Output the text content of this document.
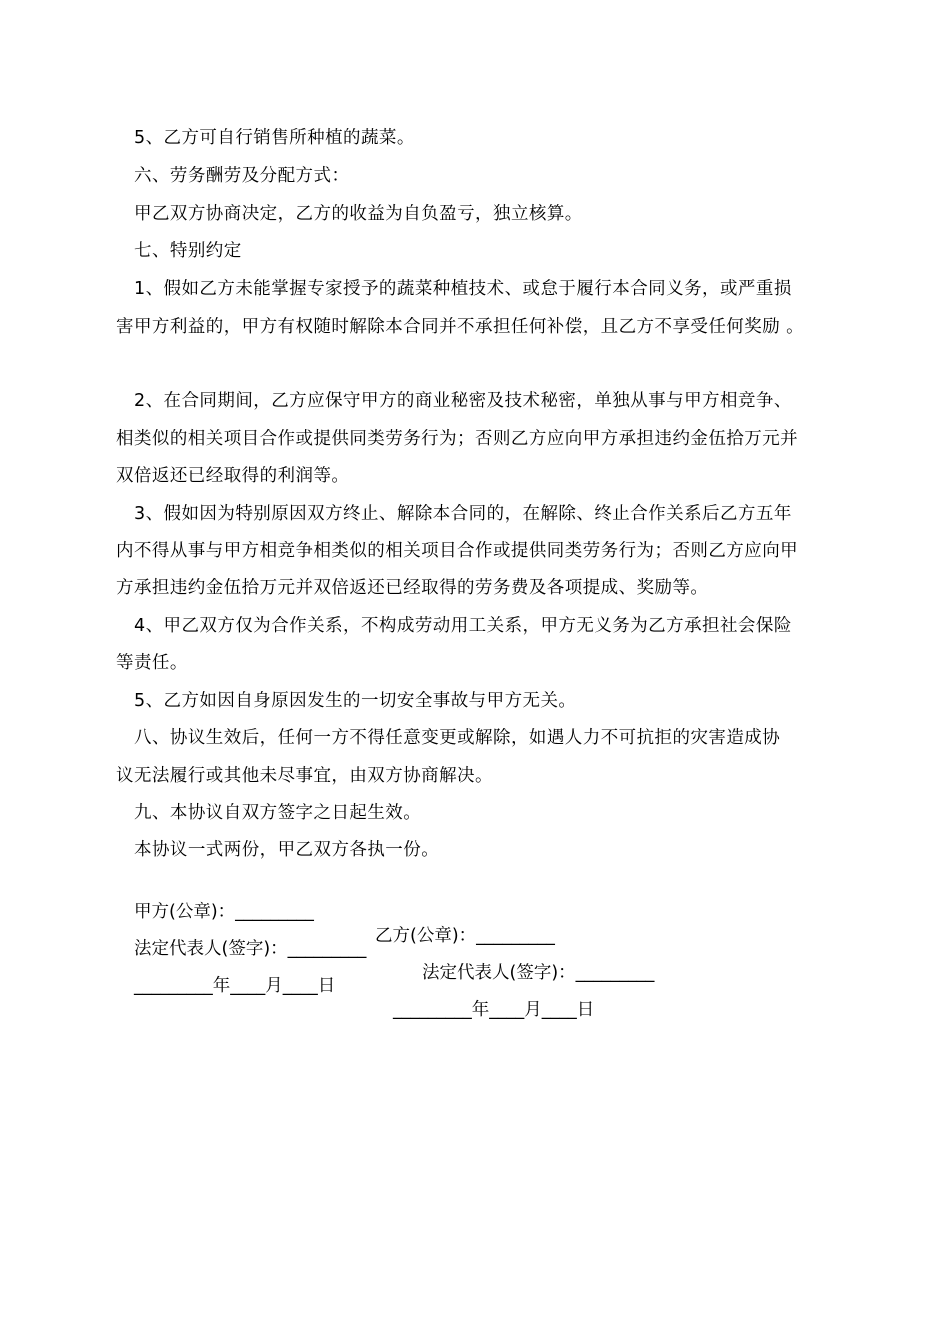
5、乙方可自行销售所种植的蔬菜。
六、劳务酬劳及分配方式：
甲乙双方协商决定，乙方的收益为自负盈亏，独立核算。
七、特别约定
1、假如乙方未能掌握专家授予的蔬菜种植技术、或怠于履行本合同义务，或严重损
害甲方利益的，甲方有权随时解除本合同并不承担任何补偿，且乙方不享受任何奖励 。
2、在合同期间，乙方应保守甲方的商业秘密及技术秘密，单独从事与甲方相竞争、
相类似的相关项目合作或提供同类劳务行为；否则乙方应向甲方承担违约金伍拾万元并
双倍返还已经取得的利润等。
3、假如因为特别原因双方终止、解除本合同的，在解除、终止合作关系后乙方五年
内不得从事与甲方相竞争相类似的相关项目合作或提供同类劳务行为；否则乙方应向甲
方承担违约金伍拾万元并双倍返还已经取得的劳务费及各项提成、奖励等。
4、甲乙双方仅为合作关系，不构成劳动用工关系，甲方无义务为乙方承担社会保险
等责任。
5、乙方如因自身原因发生的一切安全事故与甲方无关。
八、协议生效后，任何一方不得任意变更或解除，如遇人力不可抗拒的灾害造成协
议无法履行或其他未尽事宜，由双方协商解决。
九、本协议自双方签字之日起生效。
本协议一式两份，甲乙双方各执一份。

甲方(公章)：_________

乙方(公章)：_________

法定代表人(签字)：_________

法定代表人(签字)：_________

_________年____月____日

_________年____月____日
